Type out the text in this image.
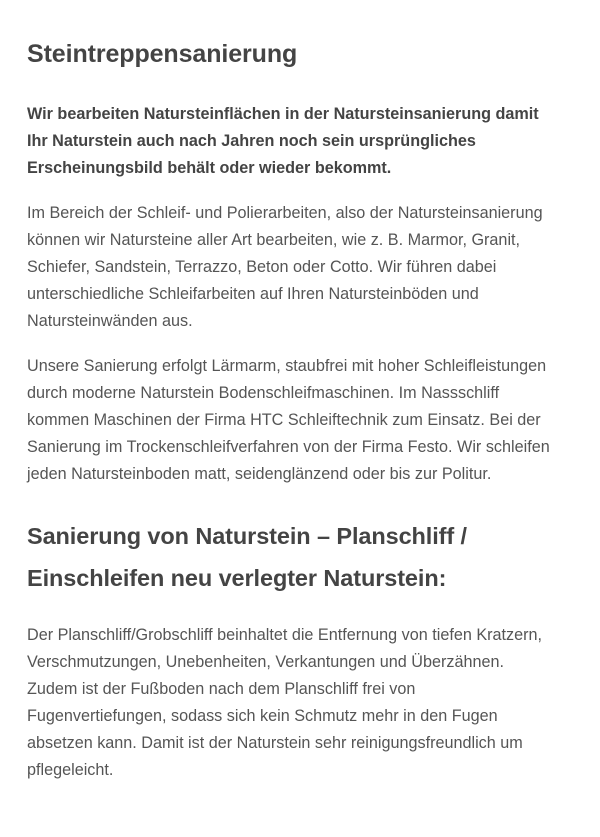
Steintreppensanierung
Wir bearbeiten Natursteinflächen in der Natursteinsanierung damit
Ihr Naturstein auch nach Jahren noch sein ursprüngliches
Erscheinungsbild behält oder wieder bekommt.
Im Bereich der Schleif- und Polierarbeiten, also der Natursteinsanierung
können wir Natursteine aller Art bearbeiten, wie z. B. Marmor, Granit,
Schiefer, Sandstein, Terrazzo, Beton oder Cotto. Wir führen dabei
unterschiedliche Schleifarbeiten auf Ihren Natursteinböden und
Natursteinwänden aus.
Unsere Sanierung erfolgt Lärmarm, staubfrei mit hoher Schleifleistungen
durch moderne Naturstein Bodenschleifmaschinen. Im Nassschliff
kommen Maschinen der Firma HTC Schleiftechnik zum Einsatz. Bei der
Sanierung im Trockenschleifverfahren von der Firma Festo. Wir schleifen
jeden Natursteinboden matt, seidenglänzend oder bis zur Politur.
Sanierung von Naturstein – Planschliff /
Einschleifen neu verlegter Naturstein:
Der Planschliff/Grobschliff beinhaltet die Entfernung von tiefen Kratzern,
Verschmutzungen, Unebenheiten, Verkantungen und Überzähnen.
Zudem ist der Fußboden nach dem Planschliff frei von
Fugenvertiefungen, sodass sich kein Schmutz mehr in den Fugen
absetzen kann. Damit ist der Naturstein sehr reinigungsfreundlich um
pflegeleicht.
